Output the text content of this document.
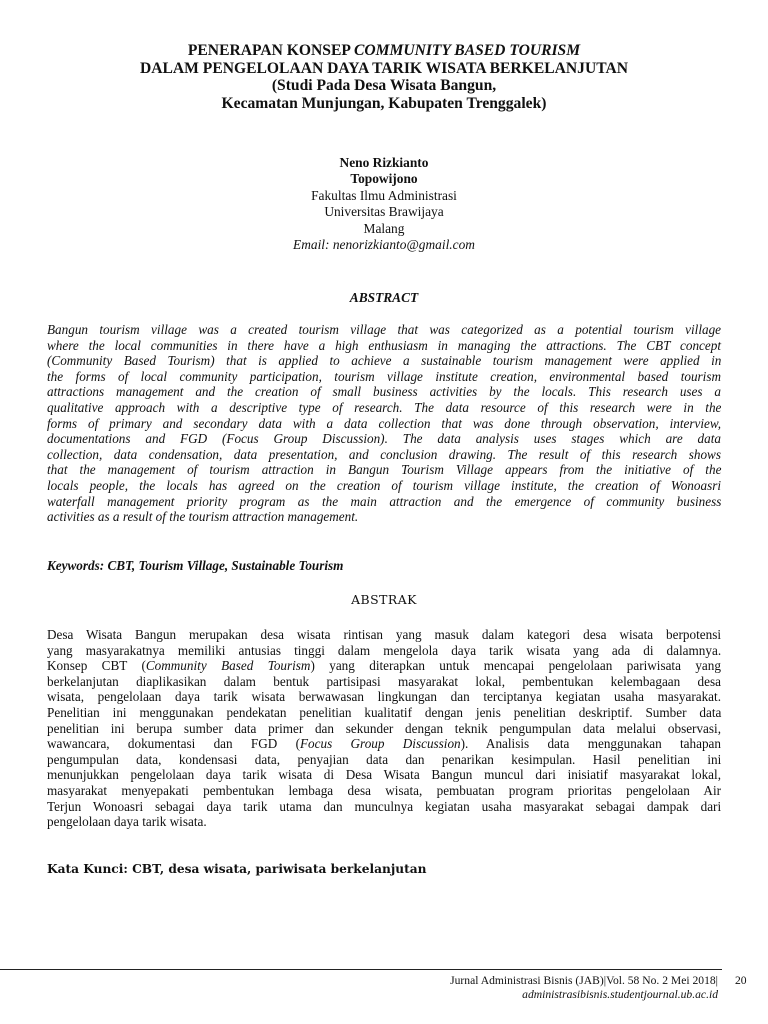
PENERAPAN KONSEP COMMUNITY BASED TOURISM
DALAM PENGELOLAAN DAYA TARIK WISATA BERKELANJUTAN
(Studi Pada Desa Wisata Bangun,
Kecamatan Munjungan, Kabupaten Trenggalek)
Neno Rizkianto
Topowijono
Fakultas Ilmu Administrasi
Universitas Brawijaya
Malang
Email: nenorizkianto@gmail.com
ABSTRACT
Bangun tourism village was a created tourism village that was categorized as a potential tourism village
where the local communities in there have a high enthusiasm in managing the attractions. The CBT concept
(Community Based Tourism) that is applied to achieve a sustainable tourism management were applied in
the forms of local community participation, tourism village institute creation, environmental based tourism
attractions management and the creation of small business activities by the locals. This research uses a
qualitative approach with a descriptive type of research. The data resource of this research were in the
forms of primary and secondary data with a data collection that was done through observation, interview,
documentations and FGD (Focus Group Discussion). The data analysis uses stages which are data
collection, data condensation, data presentation, and conclusion drawing. The result of this research shows
that the management of tourism attraction in Bangun Tourism Village appears from the initiative of the
locals people, the locals has agreed on the creation of tourism village institute, the creation of Wonoasri
waterfall management priority program as the main attraction and the emergence of community business
activities as a result of the tourism attraction management.
Keywords: CBT, Tourism Village, Sustainable Tourism
ABSTRAK
Desa Wisata Bangun merupakan desa wisata rintisan yang masuk dalam kategori desa wisata berpotensi
yang masyarakatnya memiliki antusias tinggi dalam mengelola daya tarik wisata yang ada di dalamnya.
Konsep CBT (Community Based Tourism) yang diterapkan untuk mencapai pengelolaan pariwisata yang
berkelanjutan diaplikasikan dalam bentuk partisipasi masyarakat lokal, pembentukan kelembagaan desa
wisata, pengelolaan daya tarik wisata berwawasan lingkungan dan terciptanya kegiatan usaha masyarakat.
Penelitian ini menggunakan pendekatan penelitian kualitatif dengan jenis penelitian deskriptif. Sumber data
penelitian ini berupa sumber data primer dan sekunder dengan teknik pengumpulan data melalui observasi,
wawancara, dokumentasi dan FGD (Focus Group Discussion). Analisis data menggunakan tahapan
pengumpulan data, kondensasi data, penyajian data dan penarikan kesimpulan. Hasil penelitian ini
menunjukkan pengelolaan daya tarik wisata di Desa Wisata Bangun muncul dari inisiatif masyarakat lokal,
masyarakat menyepakati pembentukan lembaga desa wisata, pembuatan program prioritas pengelolaan Air
Terjun Wonoasri sebagai daya tarik utama dan munculnya kegiatan usaha masyarakat sebagai dampak dari
pengelolaan daya tarik wisata.
Kata Kunci: CBT, desa wisata, pariwisata berkelanjutan
Jurnal Administrasi Bisnis (JAB)|Vol. 58 No. 2 Mei 2018|
administrasibisnis.studentjournal.ub.ac.id
20
